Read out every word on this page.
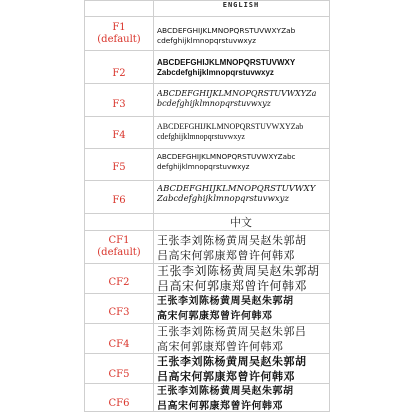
ENGLISH
F1
(default)
ABCDEFGHIJKLMNOPQRSTUVWXYZab
cdefghijklmnopqrstuvwxyz
F2
ABCDEFGHIJKLMNOPQRSTUVWXY
Zabcdefghijklmnopqrstuvwxyz
F3
ABCDEFGHIJKLMNOPQRSTUVWXYZa
bcdefghijklmnopqrstuvwxyz
F4
ABCDEFGHIJKLMNOPQRSTUVWXYZab
cdefghijklmnopqrstuvwxyz
F5
ABCDEFGHIJKLMNOPQRSTUVWXYZabc
defghijklmnopqrstuvwxyz
F6
ABCDEFGHIJKLMNOPQRSTUVWXY
Zabcdefghijklmnopqrstuvwxyz
中文
CF1
(default)
王张李刘陈杨黄周吴赵朱郭胡
吕高宋何郭康郑曾许何韩邓
CF2
王张李刘陈杨黄周吴赵朱郭胡
吕高宋何郭康郑曾许何韩邓
CF3
王张李刘陈杨黄周吴赵朱郭胡
高宋何郭康郑曾许何韩邓
CF4
王张李刘陈杨黄周吴赵朱郭吕
高宋何郭康郑曾许何韩邓
CF5
王张李刘陈杨黄周吴赵朱郭胡
吕高宋何郭康郑曾许何韩邓
CF6
王张李刘陈杨黄周吴赵朱郭胡
吕高宋何郭康郑曾许何韩邓
